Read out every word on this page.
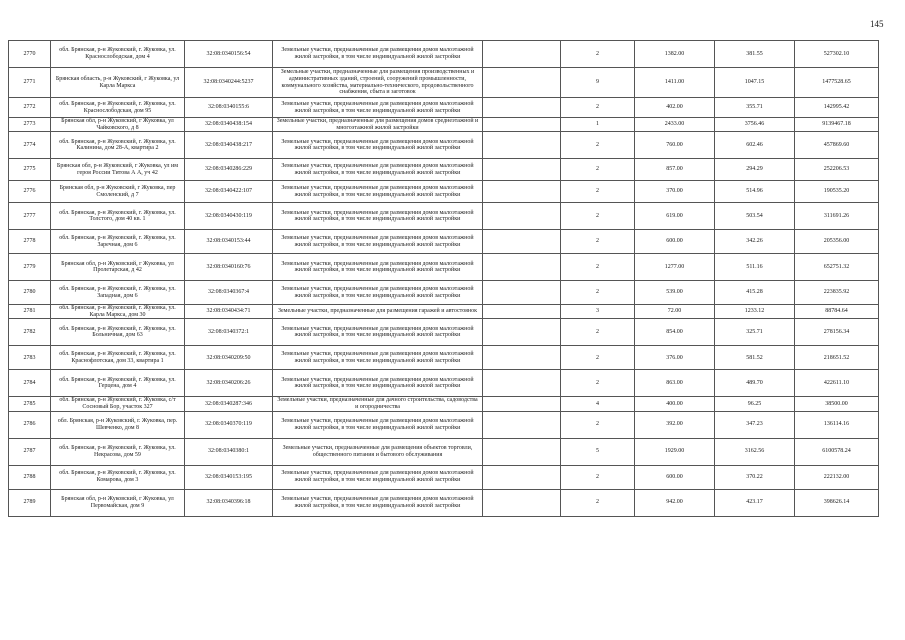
145
2770	обл. Брянская, р-н Жуковский, г. Жуковка, ул. Краснослободская, дом 4	32:08:0340156:54	Земельные участки, предназначенные для размещения домов малоэтажной жилой застройки, в том числе индивидуальной жилой застройки		2	1382.00	381.55	527302.10
2771	Брянская область, р-н Жуковский, г Жуковка, ул Карла Маркса	32:08:0340244:5237	Земельные участки, предназначенные для размещения производственных и административных зданий, строений, сооружений промышленности, коммунального хозяйства, материально-технического, продовольственного снабжения, сбыта и заготовок		9	1411.00	1047.15	1477528.65
2772	обл. Брянская, р-н Жуковский, г. Жуковка, ул. Краснослободская, дом 95	32:08:0340155:6	Земельные участки, предназначенные для размещения домов малоэтажной жилой застройки, в том числе индивидуальной жилой застройки		2	402.00	355.71	142995.42
2773	Брянская обл, р-н Жуковский, г Жуковка, ул Чайковского, д 8	32:08:0340438:154	Земельные участки, предназначенные для размещения домов среднеэтажной и многоэтажной жилой застройки		1	2433.00	3756.46	9139467.18
2774	обл. Брянская, р-н Жуковский, г. Жуковка, ул. Калинина, дом 28-А, квартира 2	32:08:0340438:217	Земельные участки, предназначенные для размещения домов малоэтажной жилой застройки, в том числе индивидуальной жилой застройки		2	760.00	602.46	457869.60
2775	Брянская обл, р-н Жуковский, г Жуковка, ул им героя России Титова А А, уч 42	32:08:0340286:229	Земельные участки, предназначенные для размещения домов малоэтажной жилой застройки, в том числе индивидуальной жилой застройки		2	857.00	294.29	252206.53
2776	Брянская обл, р-н Жуковский, г Жуковка, пер Смоленский, д 7	32:08:0340422:107	Земельные участки, предназначенные для размещения домов малоэтажной жилой застройки, в том числе индивидуальной жилой застройки		2	370.00	514.96	190535.20
2777	обл. Брянская, р-н Жуковский, г. Жуковка, ул. Толстого, дом 40 кв. 1	32:08:0340430:119	Земельные участки, предназначенные для размещения домов малоэтажной жилой застройки, в том числе индивидуальной жилой застройки		2	619.00	503.54	311691.26
2778	обл. Брянская, р-н Жуковский, г. Жуковка, ул. Заречная, дом 6	32:08:0340153:44	Земельные участки, предназначенные для размещения домов малоэтажной жилой застройки, в том числе индивидуальной жилой застройки		2	600.00	342.26	205356.00
2779	Брянская обл, р-н Жуковский, г Жуковка, ул Пролетарская, д 42	32:08:0340160:76	Земельные участки, предназначенные для размещения домов малоэтажной жилой застройки, в том числе индивидуальной жилой застройки		2	1277.00	511.16	652751.32
2780	обл. Брянская, р-н Жуковский, г. Жуковка, ул. Западная, дом 6	32:08:0340367:4	Земельные участки, предназначенные для размещения домов малоэтажной жилой застройки, в том числе индивидуальной жилой застройки		2	539.00	415.28	223835.92
2781	обл. Брянская, р-н Жуковский, г. Жуковка, ул. Карла Маркса, дом 30	32:08:0340434:71	Земельные участки, предназначенные для размещения гаражей и автостоянок		3	72.00	1233.12	88784.64
2782	обл. Брянская, р-н Жуковский, г. Жуковка, ул. Больничная, дом 63	32:08:0340372:1	Земельные участки, предназначенные для размещения домов малоэтажной жилой застройки, в том числе индивидуальной жилой застройки		2	854.00	325.71	278156.34
2783	обл. Брянская, р-н Жуковский, г. Жуковка, ул. Краснофлотская, дом 33, квартира 1	32:08:0340209:50	Земельные участки, предназначенные для размещения домов малоэтажной жилой застройки, в том числе индивидуальной жилой застройки		2	376.00	581.52	218651.52
2784	обл. Брянская, р-н Жуковский, г. Жуковка, ул. Герцена, дом 4	32:08:0340206:26	Земельные участки, предназначенные для размещения домов малоэтажной жилой застройки, в том числе индивидуальной жилой застройки		2	863.00	489.70	422611.10
2785	обл. Брянская, р-н Жуковский, г. Жуковка, с/т Сосновый Бор, участок 327	32:08:0340287:346	Земельные участки, предназначенные для дачного строительства, садоводства и огородничества		4	400.00	96.25	38500.00
2786	обл. Брянская, р-н Жуковский, г. Жуковка, пер. Шевченко, дом 8	32:08:0340370:119	Земельные участки, предназначенные для размещения домов малоэтажной жилой застройки, в том числе индивидуальной жилой застройки		2	392.00	347.23	136114.16
2787	обл. Брянская, р-н Жуковский, г. Жуковка, ул. Некрасова, дом 59	32:08:0340380:1	Земельные участки, предназначенные для размещения объектов торговли, общественного питания и бытового обслуживания		5	1929.00	3162.56	6100578.24
2788	обл. Брянская, р-н Жуковский, г. Жуковка, ул. Комарова, дом 3	32:08:0340153:195	Земельные участки, предназначенные для размещения домов малоэтажной жилой застройки, в том числе индивидуальной жилой застройки		2	600.00	370.22	222132.00
2789	Брянская обл, р-н Жуковский, г Жуковка, ул Первомайская, дом 9	32:08:0340396:18	Земельные участки, предназначенные для размещения домов малоэтажной жилой застройки, в том числе индивидуальной жилой застройки		2	942.00	423.17	398626.14
